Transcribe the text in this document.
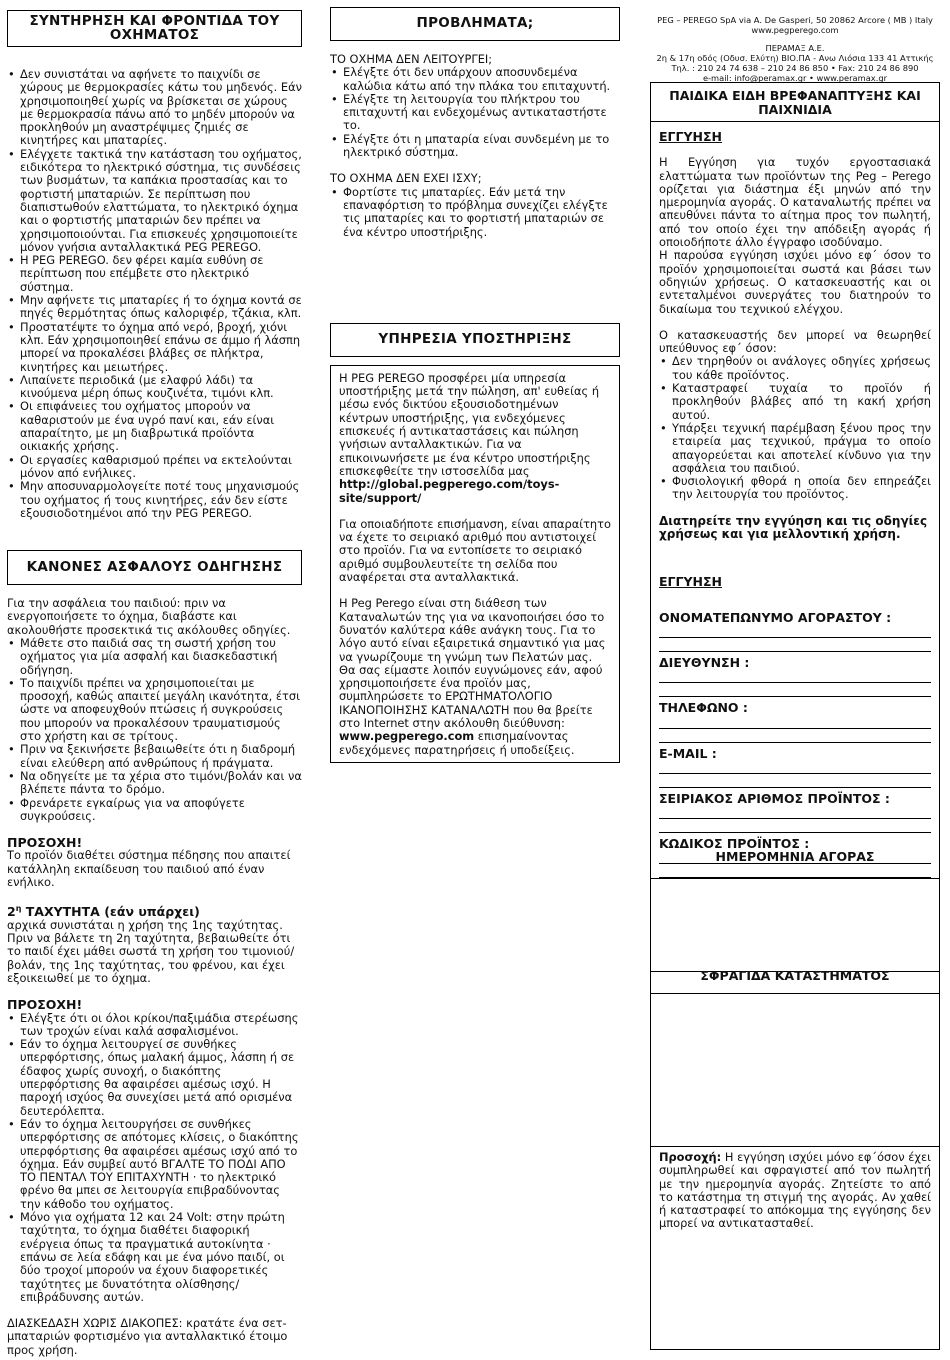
ΣΥΝΤΗΡΗΣΗ ΚΑΙ ΦΡΟΝΤΙΔΑ ΤΟΥ ΟΧΗΜΑΤΟΣ
• Δεν συνιστάται να αφήνετε το παιχνίδι σε χώρους με θερμοκρασίες κάτω του μηδενός. Εάν χρησιμοποιηθεί χωρίς να βρίσκεται σε χώρους με θερμοκρασία πάνω από το μηδέν μπορούν να προκληθούν μη αναστρέψιμες ζημιές σε κινητήρες και μπαταρίες.
• Ελέγχετε τακτικά την κατάσταση του οχήματος, ειδικότερα το ηλεκτρικό σύστημα, τις συνδέσεις των βυσμάτων, τα καπάκια προστασίας και το φορτιστή μπαταριών. Σε περίπτωση που διαπιστωθούν ελαττώματα, το ηλεκτρικό όχημα και ο φορτιστής μπαταριών δεν πρέπει να χρησιμοποιούνται. Για επισκευές χρησιμοποιείτε μόνον γνήσια ανταλλακτικά PEG PEREGO.
• Η PEG PEREGO. δεν φέρει καμία ευθύνη σε περίπτωση που επέμβετε στο ηλεκτρικό σύστημα.
• Μην αφήνετε τις μπαταρίες ή το όχημα κοντά σε πηγές θερμότητας όπως καλοριφέρ, τζάκια, κλπ.
• Προστατέψτε το όχημα από νερό, βροχή, χιόνι κλπ. Εάν χρησιμοποιηθεί επάνω σε άμμο ή λάσπη μπορεί να προκαλέσει βλάβες σε πλήκτρα, κινητήρες και μειωτήρες.
• Λιπαίνετε περιοδικά (με ελαφρύ λάδι) τα κινούμενα μέρη όπως κουζινέτα, τιμόνι κλπ.
• Οι επιφάνειες του οχήματος μπορούν να καθαριστούν με ένα υγρό πανί και, εάν είναι απαραίτητο, με μη διαβρωτικά προϊόντα οικιακής χρήσης.
• Οι εργασίες καθαρισμού πρέπει να εκτελούνται μόνον από ενήλικες.
• Μην αποσυναρμολογείτε ποτέ τους μηχανισμούς του οχήματος ή τους κινητήρες, εάν δεν είστε εξουσιοδοτημένοι από την PEG PEREGO.
ΚΑΝΟΝΕΣ ΑΣΦΑΛΟΥΣ ΟΔΗΓΗΣΗΣ

Για την ασφάλεια του παιδιού: πριν να ενεργοποιήσετε το όχημα, διαβάστε και ακολουθήστε προσεκτικά τις ακόλουθες οδηγίες.

• Μάθετε στο παιδιά σας τη σωστή χρήση του οχήματος για μία ασφαλή και διασκεδαστική οδήγηση.
• Το παιχνίδι πρέπει να χρησιμοποιείται με προσοχή, καθώς απαιτεί μεγάλη ικανότητα, έτσι ώστε να αποφευχθούν πτώσεις ή συγκρούσεις που μπορούν να προκαλέσουν τραυματισμούς στο χρήστη και σε τρίτους.
• Πριν να ξεκινήσετε βεβαιωθείτε ότι η διαδρομή είναι ελεύθερη από ανθρώπους ή πράγματα.
• Να οδηγείτε με τα χέρια στο τιμόνι/βολάν και να βλέπετε πάντα το δρόμο.
• Φρενάρετε εγκαίρως για να αποφύγετε συγκρούσεις.

ΠΡΟΣΟΧΗ!

Το προϊόν διαθέτει σύστημα πέδησης που απαιτεί κατάλληλη εκπαίδευση του παιδιού από έναν ενήλικο.

$2^\eta$ ΤΑΧΥΤΗΤΑ (εάν υπάρχει)

αρχικά συνιστάται η χρήση της 1ης ταχύτητας. Πριν να βάλετε τη 2η ταχύτητα, βεβαιωθείτε ότι το παιδί έχει μάθει σωστά τη χρήση του τιμονιού/βολάν, της 1ης ταχύτητας, του φρένου, και έχει εξοικειωθεί με το όχημα.

ΠΡΟΣΟΧΗ!

• Ελέγξτε ότι οι όλοι κρίκοι/παξιμάδια στερέωσης των τροχών είναι καλά ασφαλισμένοι.
• Εάν το όχημα λειτουργεί σε συνθήκες υπερφόρτισης, όπως μαλακή άμμος, λάσπη ή σε έδαφος χωρίς συνοχή, ο διακόπτης υπερφόρτισης θα αφαιρέσει αμέσως ισχύ. Η παροχή ισχύος θα συνεχίσει μετά από ορισμένα δευτερόλεπτα.
• Εάν το όχημα λειτουργήσει σε συνθήκες υπερφόρτισης σε απότομες κλίσεις, ο διακόπτης υπερφόρτισης θα αφαιρέσει αμέσως ισχύ από το όχημα. Εάν συμβεί αυτό ΒΓΑΛΤΕ ΤΟ ΠΟΔΙ ΑΠΟ ΤΟ ΠΕΝΤΑΛ ΤΟΥ ΕΠΙΤΑΧΥΝΤΗ · το ηλεκτρικό φρένο θα μπει σε λειτουργία επιβραδύνοντας την κάθοδο του οχήματος.
• Μόνο για οχήματα 12 και 24 Volt: στην πρώτη ταχύτητα, το όχημα διαθέτει διαφορική ενέργεια όπως τα πραγματικά αυτοκίνητα · επάνω σε λεία εδάφη και με ένα μόνο παιδί, οι δύο τροχοί μπορούν να έχουν διαφορετικές ταχύτητες με δυνατότητα ολίσθησης/επιβράδυνσης αυτών.

ΔΙΑΣΚΕΔΑΣΗ ΧΩΡΙΣ ΔΙΑΚΟΠΕΣ: κρατάτε ένα σετ-μπαταριών φορτισμένο για ανταλλακτικό έτοιμο προς χρήση.

ΠΡΟΒΛΗΜΑΤΑ;

ΤΟ ΟΧΗΜΑ ΔΕΝ ΛΕΙΤΟΥΡΓΕΙ;

• Ελέγξτε ότι δεν υπάρχουν αποσυνδεμένα καλώδια κάτω από την πλάκα του επιταχυντή.
• Ελέγξτε τη λειτουργία του πλήκτρου του επιταχυντή και ενδεχομένως αντικαταστήστε το.
• Ελέγξτε ότι η μπαταρία είναι συνδεμένη με το ηλεκτρικό σύστημα.

ΤΟ ΟΧΗΜΑ ΔΕΝ ΕΧΕΙ ΙΣΧΥ;

• Φορτίστε τις μπαταρίες. Εάν μετά την επαναφόρτιση το πρόβλημα συνεχίζει ελέγξτε τις μπαταρίες και το φορτιστή μπαταριών σε ένα κέντρο υποστήριξης.
ΥΠΗΡΕΣΙΑ ΥΠΟΣΤΗΡΙΞΗΣ

Η PEG PEREGO προσφέρει μία υπηρεσία υποστήριξης μετά την πώληση, απ' ευθείας ή μέσω ενός δικτύου εξουσιοδοτημένων κέντρων υποστήριξης, για ενδεχόμενες επισκευές ή αντικαταστάσεις και πώληση γνήσιων ανταλλακτικών. Για να επικοινωνήσετε με ένα κέντρο υποστήριξης επισκεφθείτε την ιστοσελίδα μας

http://global.pegperego.com/toys-site/support/

Για οποιαδήποτε επισήμανση, είναι απαραίτητο να έχετε το σειριακό αριθμό που αντιστοιχεί στο προϊόν. Για να εντοπίσετε το σειριακό αριθμό συμβουλευτείτε τη σελίδα που αναφέρεται στα ανταλλακτικά.

Η Peg Perego είναι στη διάθεση των Καταναλωτών της για να ικανοποιήσει όσο το δυνατόν καλύτερα κάθε ανάγκη τους. Για το λόγο αυτό είναι εξαιρετικά σημαντικό για μας να γνωρίζουμε τη γνώμη των Πελατών μας. Θα σας είμαστε λοιπόν ευγνώμονες εάν, αφού χρησιμοποιήσετε ένα προϊόν μας, συμπληρώσετε το ΕΡΩΤΗΜΑΤΟΛΟΓΙΟ ΙΚΑΝΟΠΟΙΗΣΗΣ ΚΑΤΑΝΑΛΩΤΗ που θα βρείτε στο Internet στην ακόλουθη διεύθυνση: www.pegperego.com επισημαίνοντας ενδεχόμενες παρατηρήσεις ή υποδείξεις.

PEG – PEREGO SpA via A. De Gasperi, 50 20862 Arcore ( MB ) Italy
www.pegperego.com
ΠΕΡΑΜΑΞ Α.Ε.
2η & 17η οδός (Οδυσ. Ελύτη) ΒΙΟ.ΠΑ - Ανω Λιόσια 133 41 Αττικής
Τηλ. : 210 24 74 638 – 210 24 86 850 • Fax: 210 24 86 890
e-mail: info@peramax.gr • www.peramax.gr
ΠΑΙΔΙΚΑ ΕΙΔΗ ΒΡΕΦΑΝΑΠΤΥΞΗΣ ΚΑΙ ΠΑΙΧΝΙΔΙΑ

ΕΓΓΥΗΣΗ

Η Εγγύηση για τυχόν εργοστασιακά ελαττώματα των προϊόντων της Peg – Perego ορίζεται για διάστημα έξι μηνών από την ημερομηνία αγοράς. Ο καταναλωτής πρέπει να απευθύνει πάντα το αίτημα προς τον πωλητή, από τον οποίο έχει την απόδειξη αγοράς ή οποιοδήποτε άλλο έγγραφο ισοδύναμο.

Η παρούσα εγγύηση ισχύει μόνο εφ΄ όσον το προϊόν χρησιμοποιείται σωστά και βάσει των οδηγιών χρήσεως. Ο κατασκευαστής και οι εντεταλμένοι συνεργάτες του διατηρούν το δικαίωμα του τεχνικού ελέγχου.

Ο κατασκευαστής δεν μπορεί να θεωρηθεί υπεύθυνος εφ΄ όσον:

• Δεν τηρηθούν οι ανάλογες οδηγίες χρήσεως του κάθε προϊόντος.
• Καταστραφεί τυχαία το προϊόν ή προκληθούν βλάβες από τη κακή χρήση αυτού.
• Υπάρξει τεχνική παρέμβαση ξένου προς την εταιρεία μας τεχνικού, πράγμα το οποίο απαγορεύεται και αποτελεί κίνδυνο για την ασφάλεια του παιδιού.
• Φυσιολογική φθορά η οποία δεν επηρεάζει την λειτουργία του προϊόντος.

Διατηρείτε την εγγύηση και τις οδηγίες χρήσεως και για μελλοντική χρήση.

ΕΓΓΥΗΣΗ

ΟΝΟΜΑΤΕΠΩΝΥΜΟ ΑΓΟΡΑΣΤΟΥ :

ΔΙΕΥΘΥΝΣΗ :

ΤΗΛΕΦΩΝΟ :

E-MAIL :

ΣΕΙΡΙΑΚΟΣ ΑΡΙΘΜΟΣ ΠΡΟΪΝΤΟΣ :

ΚΩΔΙΚΟΣ ΠΡΟΪΝΤΟΣ :

ΗΜΕΡΟΜΗΝΙΑ ΑΓΟΡΑΣ
ΣΦΡΑΓΙΔΑ ΚΑΤΑΣΤΗΜΑΤΟΣ
Προσοχή: Η εγγύηση ισχύει μόνο εφ΄όσον έχει συμπληρωθεί και σφραγιστεί από τον πωλητή με την ημερομηνία αγοράς. Ζητείστε το από το κατάστημα τη στιγμή της αγοράς. Αν χαθεί ή καταστραφεί το απόκομμα της εγγύησης δεν μπορεί να αντικατασταθεί.
